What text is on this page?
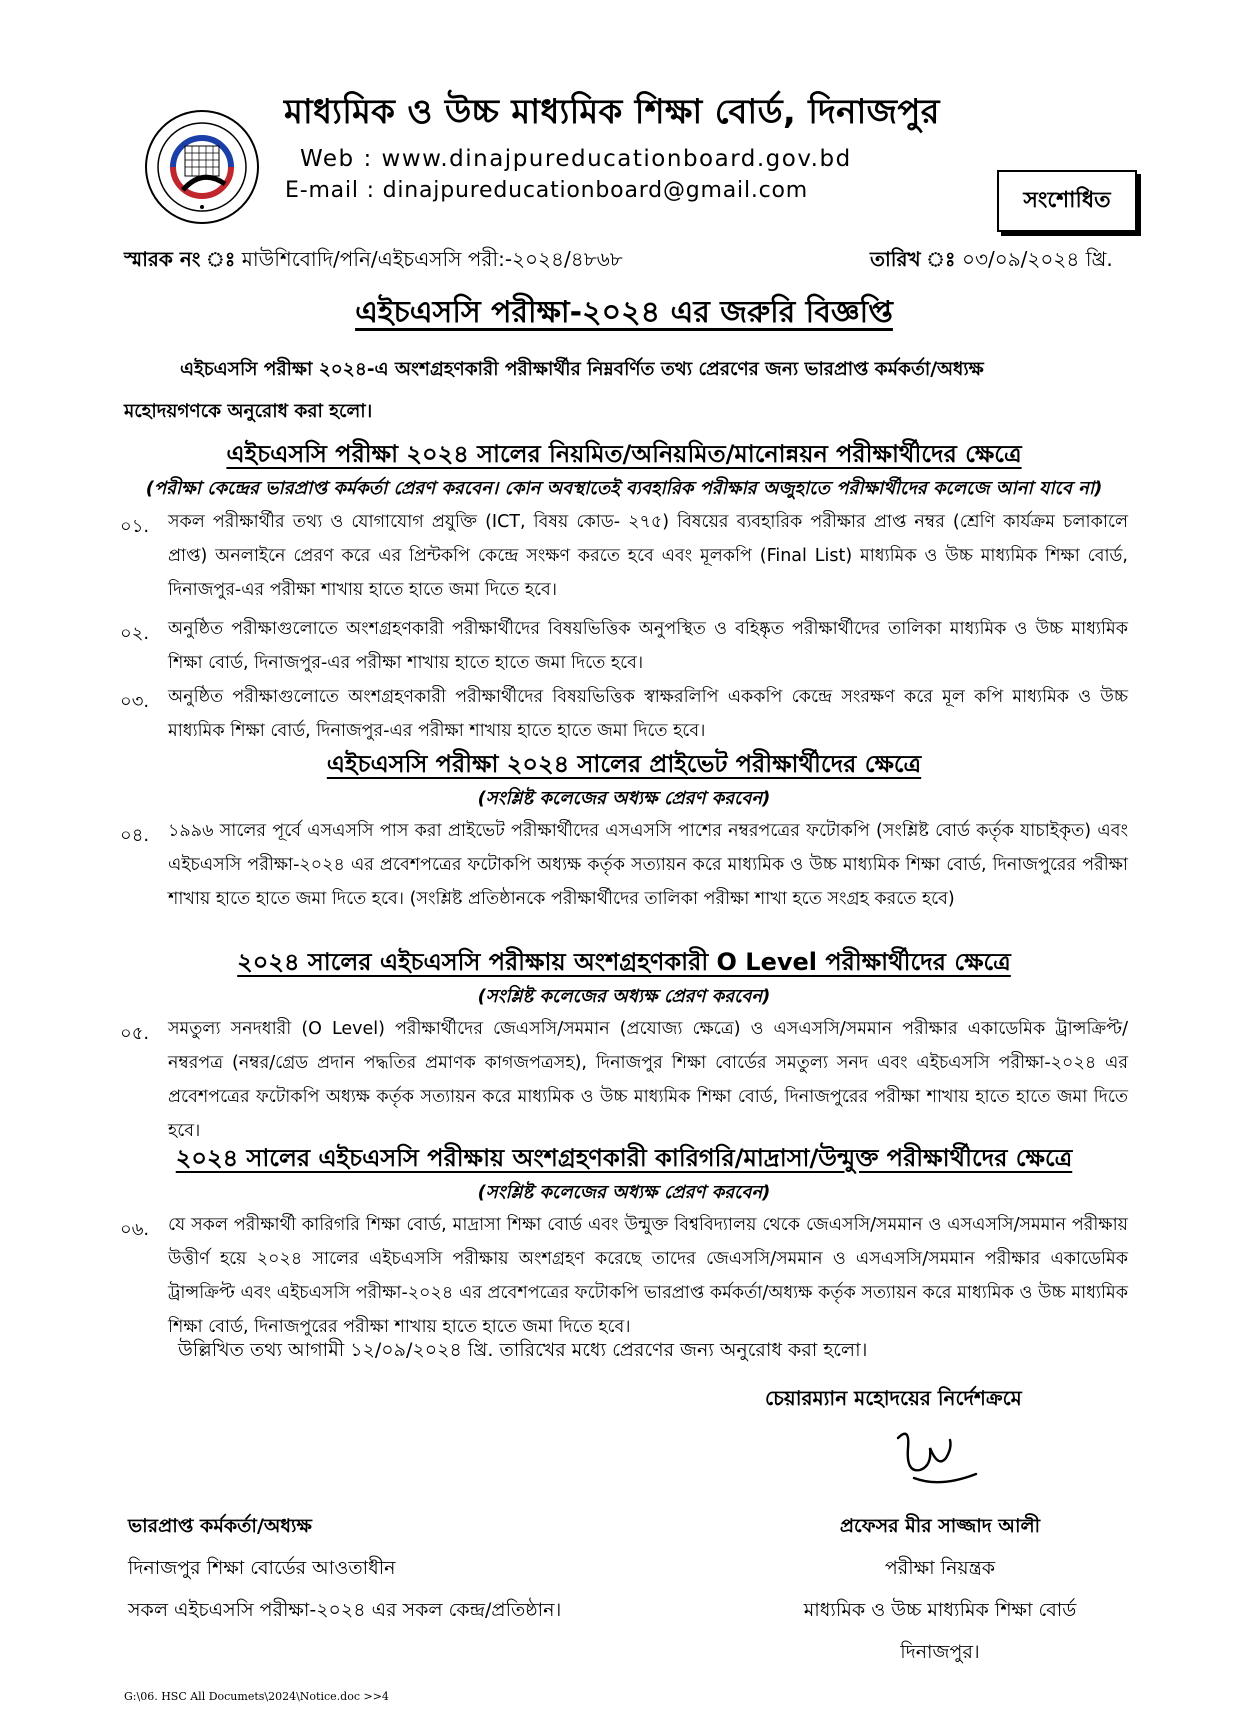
মাধ্যমিক ও উচ্চ মাধ্যমিক শিক্ষা বোর্ড, দিনাজপুর
Web : www.dinajpureducationboard.gov.bd
E-mail : dinajpureducationboard@gmail.com	সংশোধিত
স্মারক নং ঃ মাউশিবোদি/পনি/এইচএসসি পরী:-২০২৪/৪৮৬৮	তারিখ ঃ ০৩/০৯/২০২৪ খ্রি.
এইচএসসি পরীক্ষা-২০২৪ এর জরুরি বিজ্ঞপ্তি
এইচএসসি পরীক্ষা ২০২৪-এ অংশগ্রহণকারী পরীক্ষার্থীর নিম্নবর্ণিত তথ্য প্রেরণের জন্য ভারপ্রাপ্ত কর্মকর্তা/অধ্যক্ষ
মহোদয়গণকে অনুরোধ করা হলো।
এইচএসসি পরীক্ষা ২০২৪ সালের নিয়মিত/অনিয়মিত/মানোন্নয়ন পরীক্ষার্থীদের ক্ষেত্রে
(পরীক্ষা কেন্দ্রের ভারপ্রাপ্ত কর্মকর্তা প্রেরণ করবেন। কোন অবস্থাতেই ব্যবহারিক পরীক্ষার অজুহাতে পরীক্ষার্থীদের কলেজে আনা যাবে না)
০১. সকল পরীক্ষার্থীর তথ্য ও যোগাযোগ প্রযুক্তি (ICT, বিষয় কোড- ২৭৫) বিষয়ের ব্যবহারিক পরীক্ষার প্রাপ্ত নম্বর (শ্রেণি কার্যক্রম চলাকালে প্রাপ্ত) অনলাইনে প্রেরণ করে এর প্রিন্টকপি কেন্দ্রে সংক্ষণ করতে হবে এবং মূলকপি (Final List) মাধ্যমিক ও উচ্চ মাধ্যমিক শিক্ষা বোর্ড, দিনাজপুর-এর পরীক্ষা শাখায় হাতে হাতে জমা দিতে হবে।
০২. অনুষ্ঠিত পরীক্ষাগুলোতে অংশগ্রহণকারী পরীক্ষার্থীদের বিষয়ভিত্তিক অনুপস্থিত ও বহিষ্কৃত পরীক্ষার্থীদের তালিকা মাধ্যমিক ও উচ্চ মাধ্যমিক শিক্ষা বোর্ড, দিনাজপুর-এর পরীক্ষা শাখায় হাতে হাতে জমা দিতে হবে।
০৩. অনুষ্ঠিত পরীক্ষাগুলোতে অংশগ্রহণকারী পরীক্ষার্থীদের বিষয়ভিত্তিক স্বাক্ষরলিপি এককপি কেন্দ্রে সংরক্ষণ করে মূল কপি মাধ্যমিক ও উচ্চ মাধ্যমিক শিক্ষা বোর্ড, দিনাজপুর-এর পরীক্ষা শাখায় হাতে হাতে জমা দিতে হবে।
এইচএসসি পরীক্ষা ২০২৪ সালের প্রাইভেট পরীক্ষার্থীদের ক্ষেত্রে
(সংশ্লিষ্ট কলেজের অধ্যক্ষ প্রেরণ করবেন)
০৪. ১৯৯৬ সালের পূর্বে এসএসসি পাস করা প্রাইভেট পরীক্ষার্থীদের এসএসসি পাশের নম্বরপত্রের ফটোকপি (সংশ্লিষ্ট বোর্ড কর্তৃক যাচাইকৃত) এবং এইচএসসি পরীক্ষা-২০২৪ এর প্রবেশপত্রের ফটোকপি অধ্যক্ষ কর্তৃক সত্যায়ন করে মাধ্যমিক ও উচ্চ মাধ্যমিক শিক্ষা বোর্ড, দিনাজপুরের পরীক্ষা শাখায় হাতে হাতে জমা দিতে হবে। (সংশ্লিষ্ট প্রতিষ্ঠানকে পরীক্ষার্থীদের তালিকা পরীক্ষা শাখা হতে সংগ্রহ করতে হবে)
২০২৪ সালের এইচএসসি পরীক্ষায় অংশগ্রহণকারী O Level পরীক্ষার্থীদের ক্ষেত্রে
(সংশ্লিষ্ট কলেজের অধ্যক্ষ প্রেরণ করবেন)
০৫. সমতুল্য সনদধারী (O Level) পরীক্ষার্থীদের জেএসসি/সমমান (প্রযোজ্য ক্ষেত্রে) ও এসএসসি/সমমান পরীক্ষার একাডেমিক ট্রান্সক্রিপ্ট/নম্বরপত্র (নম্বর/গ্রেড প্রদান পদ্ধতির প্রমাণক কাগজপত্রসহ), দিনাজপুর শিক্ষা বোর্ডের সমতুল্য সনদ এবং এইচএসসি পরীক্ষা-২০২৪ এর প্রবেশপত্রের ফটোকপি অধ্যক্ষ কর্তৃক সত্যায়ন করে মাধ্যমিক ও উচ্চ মাধ্যমিক শিক্ষা বোর্ড, দিনাজপুরের পরীক্ষা শাখায় হাতে হাতে জমা দিতে হবে।
২০২৪ সালের এইচএসসি পরীক্ষায় অংশগ্রহণকারী কারিগরি/মাদ্রাসা/উন্মুক্ত পরীক্ষার্থীদের ক্ষেত্রে
(সংশ্লিষ্ট কলেজের অধ্যক্ষ প্রেরণ করবেন)
০৬. যে সকল পরীক্ষার্থী কারিগরি শিক্ষা বোর্ড, মাদ্রাসা শিক্ষা বোর্ড এবং উন্মুক্ত বিশ্ববিদ্যালয় থেকে জেএসসি/সমমান ও এসএসসি/সমমান পরীক্ষায় উত্তীর্ণ হয়ে ২০২৪ সালের এইচএসসি পরীক্ষায় অংশগ্রহণ করেছে তাদের জেএসসি/সমমান ও এসএসসি/সমমান পরীক্ষার একাডেমিক ট্রান্সক্রিপ্ট এবং এইচএসসি পরীক্ষা-২০২৪ এর প্রবেশপত্রের ফটোকপি ভারপ্রাপ্ত কর্মকর্তা/অধ্যক্ষ কর্তৃক সত্যায়ন করে মাধ্যমিক ও উচ্চ মাধ্যমিক শিক্ষা বোর্ড, দিনাজপুরের পরীক্ষা শাখায় হাতে হাতে জমা দিতে হবে।
উল্লিখিত তথ্য আগামী ১২/০৯/২০২৪ খ্রি. তারিখের মধ্যে প্রেরণের জন্য অনুরোধ করা হলো।
চেয়ারম্যান মহোদয়ের নির্দেশক্রমে
ভারপ্রাপ্ত কর্মকর্তা/অধ্যক্ষ
দিনাজপুর শিক্ষা বোর্ডের আওতাধীন
সকল এইচএসসি পরীক্ষা-২০২৪ এর সকল কেন্দ্র/প্রতিষ্ঠান।
প্রফেসর মীর সাজ্জাদ আলী
পরীক্ষা নিয়ন্ত্রক
মাধ্যমিক ও উচ্চ মাধ্যমিক শিক্ষা বোর্ড
দিনাজপুর।
G:\06. HSC All Documets\2024\Notice.doc >>4
